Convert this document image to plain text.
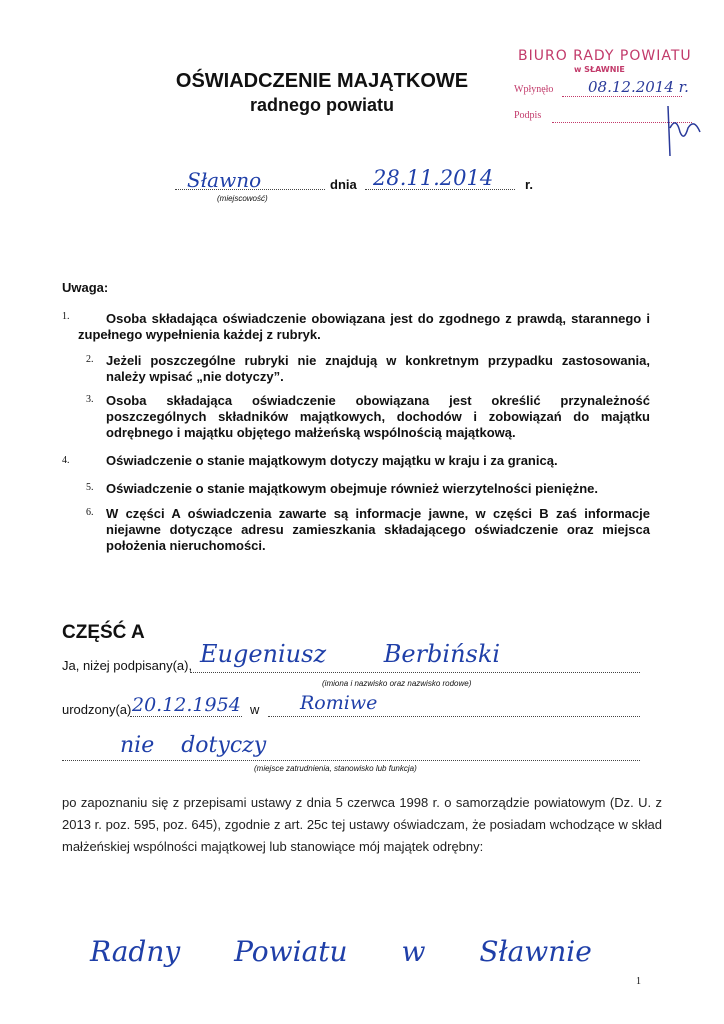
OŚWIADCZENIE MAJĄTKOWE
radnego powiatu
BIURO RADY POWIATU
w SŁAWNIE
Wpłynęło 08.12.2014 r.
Podpis
Sławno	dnia 28.11.2014 r.
(miejscowość)
Uwaga:
1.	Osoba składająca oświadczenie obowiązana jest do zgodnego z prawdą, starannego i zupełnego wypełnienia każdej z rubryk.
2. Jeżeli poszczególne rubryki nie znajdują w konkretnym przypadku zastosowania, należy wpisać „nie dotyczy”.
3. Osoba składająca oświadczenie obowiązana jest określić przynależność poszczególnych składników majątkowych, dochodów i zobowiązań do majątku odrębnego i majątku objętego małżeńską wspólnością majątkową.
4.	Oświadczenie o stanie majątkowym dotyczy majątku w kraju i za granicą.
5. Oświadczenie o stanie majątkowym obejmuje również wierzytelności pieniężne.
6. W części A oświadczenia zawarte są informacje jawne, w części B zaś informacje niejawne dotyczące adresu zamieszkania składającego oświadczenie oraz miejsca położenia nieruchomości.
CZĘŚĆ A
Ja, niżej podpisany(a), Eugeniusz Berbiński
(imiona i nazwisko oraz nazwisko rodowe)
urodzony(a) 20.12.1954 w Romiwe
nie dotyczy
(miejsce zatrudnienia, stanowisko lub funkcja)
po zapoznaniu się z przepisami ustawy z dnia 5 czerwca 1998 r. o samorządzie powiatowym (Dz. U. z 2013 r. poz. 595, poz. 645), zgodnie z art. 25c tej ustawy oświadczam, że posiadam wchodzące w skład małżeńskiej wspólności majątkowej lub stanowiące mój majątek odrębny:
Radny Powiatu w Sławnie
1
